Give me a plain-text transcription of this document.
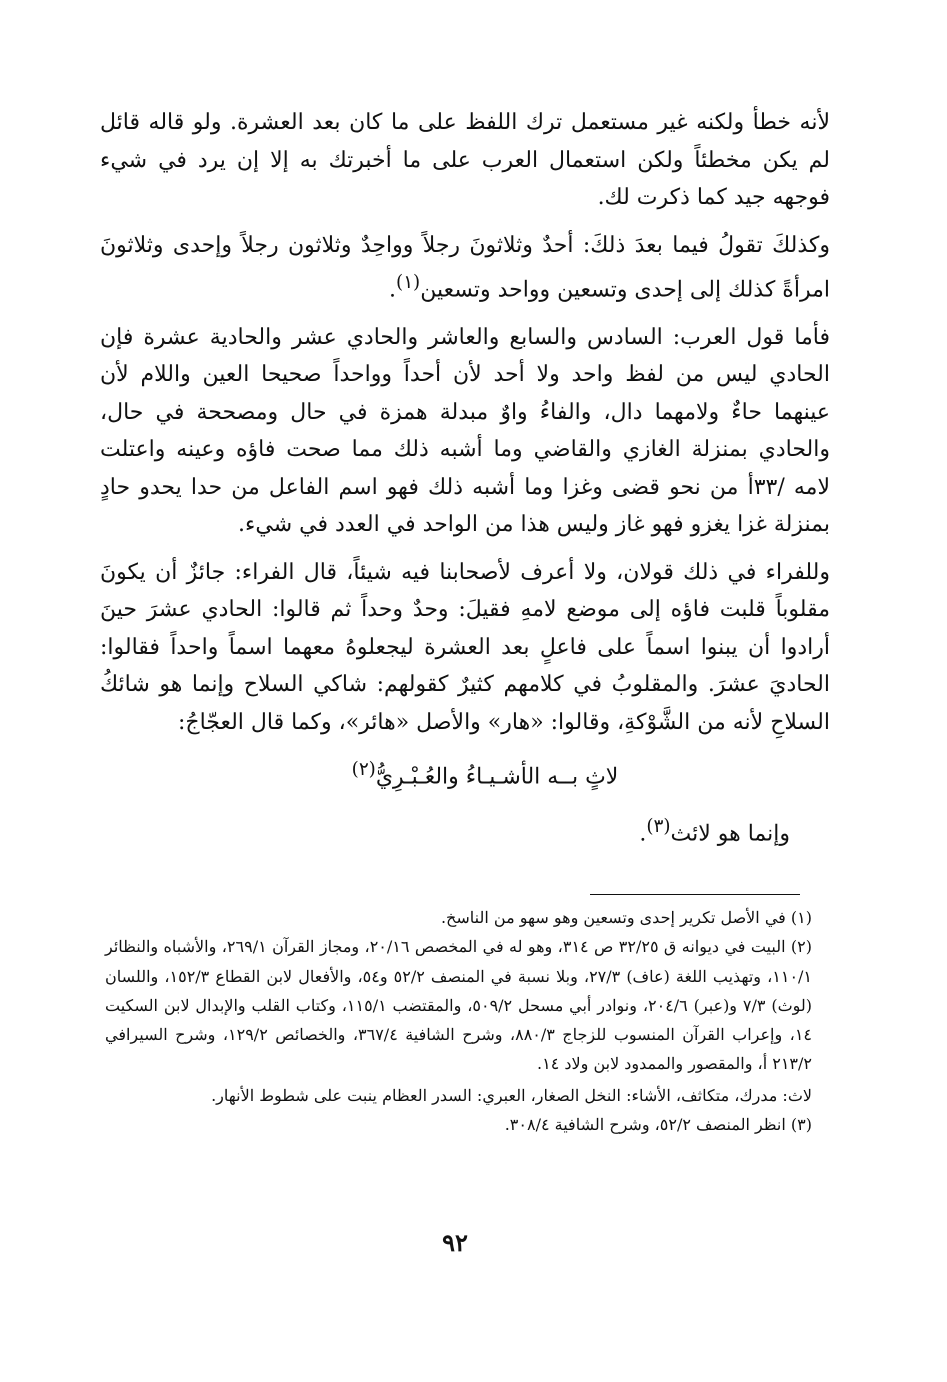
لأنه خطأ ولكنه غير مستعمل ترك اللفظ على ما كان بعد العشرة. ولو قاله قائل لم يكن مخطئاً ولكن استعمال العرب على ما أخبرتك به إلا إن يرد في شيء فوجهه جيد كما ذكرت لك.

وكذلكَ تقولُ فيما بعدَ ذلكَ: أحدٌ وثلاثونَ رجلاً وواحِدٌ وثلاثون رجلاً وإحدى وثلاثونَ امرأةً كذلك إلى إحدى وتسعين وواحد وتسعين$^{(١)}$.

فأما قول العرب: السادس والسابع والعاشر والحادي عشر والحادية عشرة فإن الحادي ليس من لفظ واحد ولا أحد لأن أحداً وواحداً صحيحا العين واللام لأن عينهما حاءٌ ولامهما دال، والفاءُ واوٌ مبدلة همزة في حال ومصححة في حال، والحادي بمنزلة الغازي والقاضي وما أشبه ذلك مما صحت فاؤه وعينه واعتلت لامه /٣٣أ من نحو قضى وغزا وما أشبه ذلك فهو اسم الفاعل من حدا يحدو حادٍ بمنزلة غزا يغزو فهو غاز وليس هذا من الواحد في العدد في شيء.

وللفراء في ذلك قولان، ولا أعرف لأصحابنا فيه شيئاً، قال الفراء: جائزٌ أن يكونَ مقلوباً قلبت فاؤه إلى موضع لامهِ فقيلَ: وحدٌ وحداً ثم قالوا: الحادي عشرَ حينَ أرادوا أن يبنوا اسماً على فاعلٍ بعد العشرة ليجعلوهُ معهما اسماً واحداً فقالوا: الحاديَ عشرَ. والمقلوبُ في كلامهم كثيرٌ كقولهم: شاكي السلاح وإنما هو شائكُ السلاحِ لأنه من الشَّوْكةِ، وقالوا: «هار» والأصل «هائر»، وكما قال العجّاجُ:

لاثٍ بــه الأشـيـاءُ والعُـبْـرِيُّ$^{(٢)}$

وإنما هو لائث$^{(٣)}$.

(١) في الأصل تكرير إحدى وتسعين وهو سهو من الناسخ.

(٢) البيت في ديوانه ق ٣٢/٢٥ ص ٣١٤، وهو له في المخصص ٢٠/١٦، ومجاز القرآن ٢٦٩/١، والأشباه والنظائر ١١٠/١، وتهذيب اللغة (عاف) ٢٧/٣، وبلا نسبة في المنصف ٥٢/٢ و٥٤، والأفعال لابن القطاع ١٥٢/٣، واللسان (لوث) ٧/٣ و(عبر) ٢٠٤/٦، ونوادر أبي مسحل ٥٠٩/٢، والمقتضب ١١٥/١، وكتاب القلب والإبدال لابن السكيت ١٤، وإعراب القرآن المنسوب للزجاج ٨٨٠/٣، وشرح الشافية ٣٦٧/٤، والخصائص ١٢٩/٢، وشرح السيرافي ٢١٣/٢ أ، والمقصور والممدود لابن ولاد ١٤.

لاث: مدرك، متكاثف، الأشاء: النخل الصغار، العبري: السدر العظام ينبت على شطوط الأنهار.

(٣) انظر المنصف ٥٢/٢، وشرح الشافية ٣٠٨/٤.

٩٢
